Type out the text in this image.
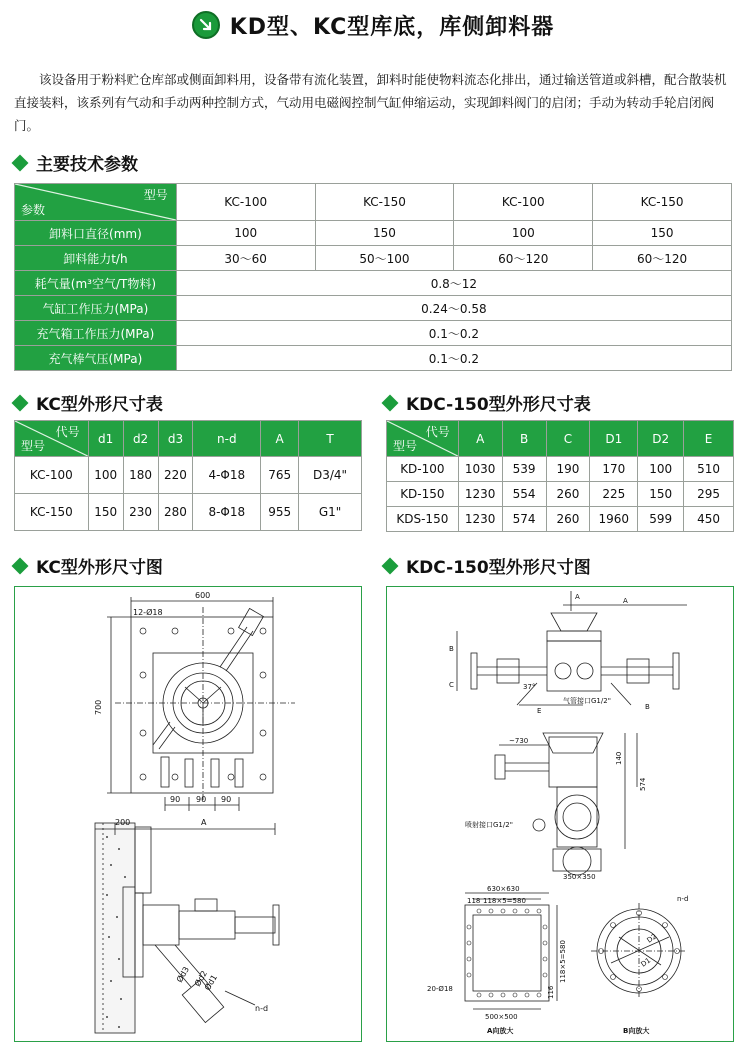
KD型、KC型库底，库侧卸料器

该设备用于粉料贮仓库部或侧面卸料用，设备带有流化装置，卸料时能使物料流态化排出，通过输送管道或斜槽，配合散装机直接装料，该系列有气动和手动两种控制方式，气动用电磁阀控制气缸伸缩运动，实现卸料阀门的启闭；手动为转动手轮启闭阀门。

主要技术参数
型号
参数	KC-100	KC-150	KC-100	KC-150
卸料口直径(mm)	100	150	100	150
卸料能力t/h	30～60	50～100	60～120	60～120
耗气量(m³空气/T物料)	0.8～12			
气缸工作压力(MPa)	0.24～0.58			
充气箱工作压力(MPa)	0.1～0.2			
充气棒气压(MPa)	0.1～0.2			
KC型外形尺寸表
代号
型号	d1	d2	d3	n-d	A	T
KC-100	100	180	220	4-Φ18	765	D3/4"
KC-150	150	230	280	8-Φ18	955	G1"
KDC-150型外形尺寸表
代号
型号	A	B	C	D1	D2	E
KD-100	1030	539	190	170	100	510
KD-150	1230	554	260	225	150	295
KDS-150	1230	574	260	1960	599	450
KC型外形尺寸图
600
12-Ø18
700
90 90 90
200	A
Ød3 Ød2
Ød1
n-d
KDC-150型外形尺寸图
A	A
B
C
E
37°
气管接口G1/2"
B
~730
140
574
喷射接口G1/2"
350×350
630×630
118×5=580
118
20-Ø18
500×500
118×5=580
116
n-d
D2
D1
A向放大	B向放大
